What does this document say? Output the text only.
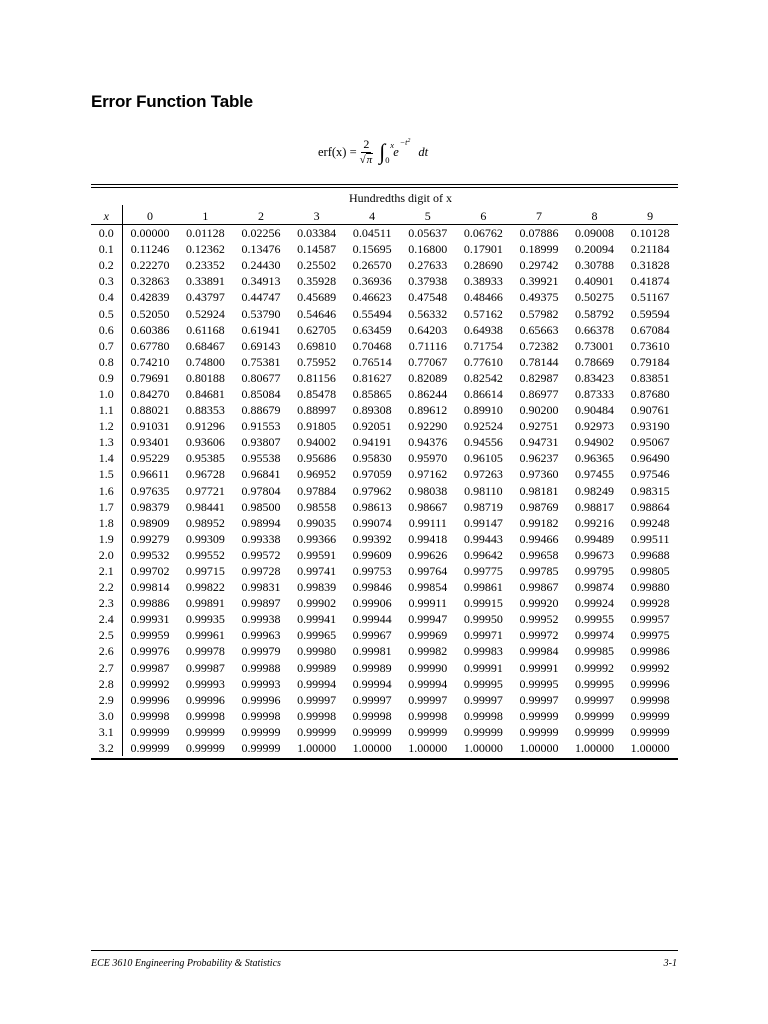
Error Function Table
$erf(x) = \frac{2}{√\pi}$ ∫ x
0
$e^{-t^2}$
dt
Hundredths digit of x
x	0	1	2	3	4	5	6	7	8	9
0.0	0.00000	0.01128	0.02256	0.03384	0.04511	0.05637	0.06762	0.07886	0.09008	0.10128
0.1	0.11246	0.12362	0.13476	0.14587	0.15695	0.16800	0.17901	0.18999	0.20094	0.21184
0.2	0.22270	0.23352	0.24430	0.25502	0.26570	0.27633	0.28690	0.29742	0.30788	0.31828
0.3	0.32863	0.33891	0.34913	0.35928	0.36936	0.37938	0.38933	0.39921	0.40901	0.41874
0.4	0.42839	0.43797	0.44747	0.45689	0.46623	0.47548	0.48466	0.49375	0.50275	0.51167
0.5	0.52050	0.52924	0.53790	0.54646	0.55494	0.56332	0.57162	0.57982	0.58792	0.59594
0.6	0.60386	0.61168	0.61941	0.62705	0.63459	0.64203	0.64938	0.65663	0.66378	0.67084
0.7	0.67780	0.68467	0.69143	0.69810	0.70468	0.71116	0.71754	0.72382	0.73001	0.73610
0.8	0.74210	0.74800	0.75381	0.75952	0.76514	0.77067	0.77610	0.78144	0.78669	0.79184
0.9	0.79691	0.80188	0.80677	0.81156	0.81627	0.82089	0.82542	0.82987	0.83423	0.83851
1.0	0.84270	0.84681	0.85084	0.85478	0.85865	0.86244	0.86614	0.86977	0.87333	0.87680
1.1	0.88021	0.88353	0.88679	0.88997	0.89308	0.89612	0.89910	0.90200	0.90484	0.90761
1.2	0.91031	0.91296	0.91553	0.91805	0.92051	0.92290	0.92524	0.92751	0.92973	0.93190
1.3	0.93401	0.93606	0.93807	0.94002	0.94191	0.94376	0.94556	0.94731	0.94902	0.95067
1.4	0.95229	0.95385	0.95538	0.95686	0.95830	0.95970	0.96105	0.96237	0.96365	0.96490
1.5	0.96611	0.96728	0.96841	0.96952	0.97059	0.97162	0.97263	0.97360	0.97455	0.97546
1.6	0.97635	0.97721	0.97804	0.97884	0.97962	0.98038	0.98110	0.98181	0.98249	0.98315
1.7	0.98379	0.98441	0.98500	0.98558	0.98613	0.98667	0.98719	0.98769	0.98817	0.98864
1.8	0.98909	0.98952	0.98994	0.99035	0.99074	0.99111	0.99147	0.99182	0.99216	0.99248
1.9	0.99279	0.99309	0.99338	0.99366	0.99392	0.99418	0.99443	0.99466	0.99489	0.99511
2.0	0.99532	0.99552	0.99572	0.99591	0.99609	0.99626	0.99642	0.99658	0.99673	0.99688
2.1	0.99702	0.99715	0.99728	0.99741	0.99753	0.99764	0.99775	0.99785	0.99795	0.99805
2.2	0.99814	0.99822	0.99831	0.99839	0.99846	0.99854	0.99861	0.99867	0.99874	0.99880
2.3	0.99886	0.99891	0.99897	0.99902	0.99906	0.99911	0.99915	0.99920	0.99924	0.99928
2.4	0.99931	0.99935	0.99938	0.99941	0.99944	0.99947	0.99950	0.99952	0.99955	0.99957
2.5	0.99959	0.99961	0.99963	0.99965	0.99967	0.99969	0.99971	0.99972	0.99974	0.99975
2.6	0.99976	0.99978	0.99979	0.99980	0.99981	0.99982	0.99983	0.99984	0.99985	0.99986
2.7	0.99987	0.99987	0.99988	0.99989	0.99989	0.99990	0.99991	0.99991	0.99992	0.99992
2.8	0.99992	0.99993	0.99993	0.99994	0.99994	0.99994	0.99995	0.99995	0.99995	0.99996
2.9	0.99996	0.99996	0.99996	0.99997	0.99997	0.99997	0.99997	0.99997	0.99997	0.99998
3.0	0.99998	0.99998	0.99998	0.99998	0.99998	0.99998	0.99998	0.99999	0.99999	0.99999
3.1	0.99999	0.99999	0.99999	0.99999	0.99999	0.99999	0.99999	0.99999	0.99999	0.99999
3.2	0.99999	0.99999	0.99999	1.00000	1.00000	1.00000	1.00000	1.00000	1.00000	1.00000
ECE 3610 Engineering Probability & Statistics	3-1
